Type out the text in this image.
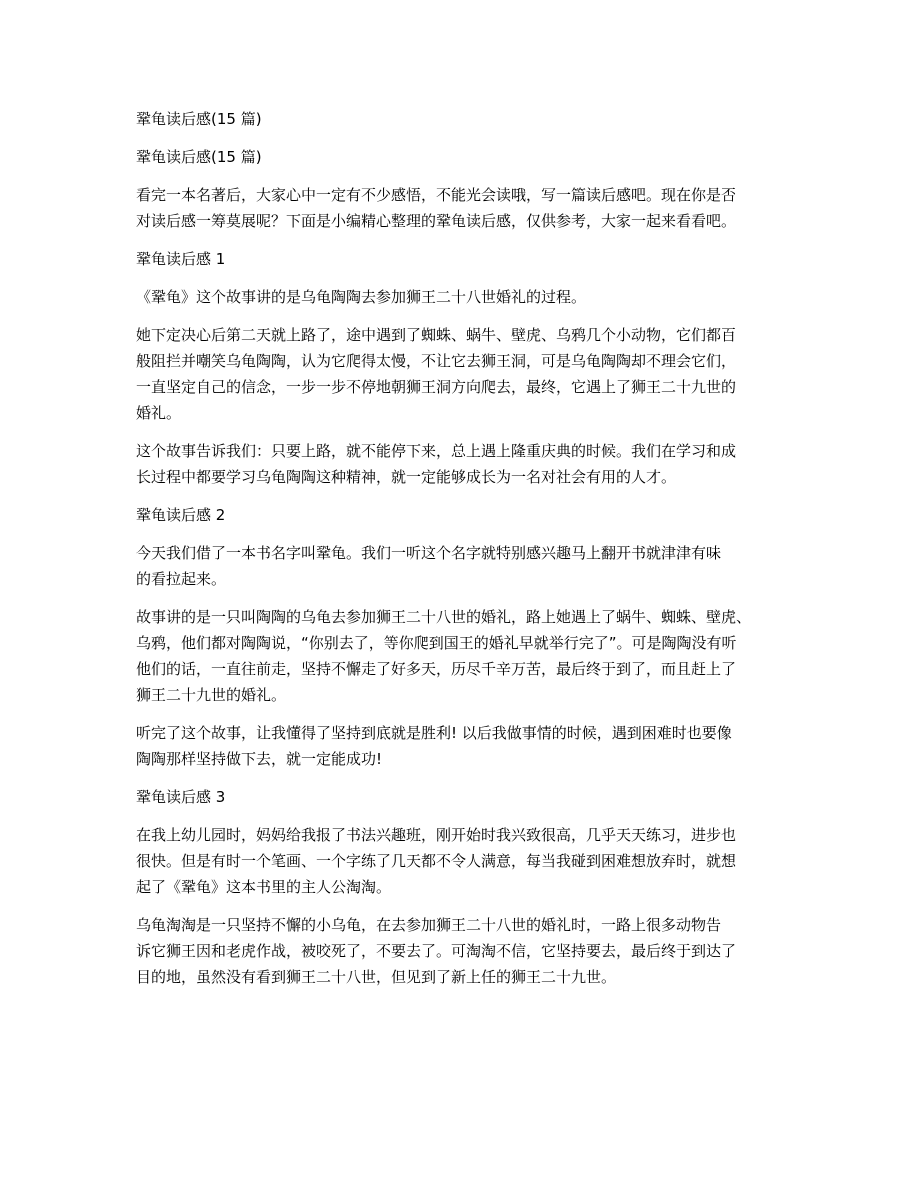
鞏龟读后感(15 篇)

鞏龟读后感(15 篇)

看完一本名著后，大家心中一定有不少感悟，不能光会读哦，写一篇读后感吧。现在你是否

对读后感一筹莫展呢？下面是小编精心整理的鞏龟读后感，仅供参考，大家一起来看看吧。

鞏龟读后感 1

《鞏龟》这个故事讲的是乌龟陶陶去参加狮王二十八世婚礼的过程。

她下定决心后第二天就上路了，途中遇到了蜘蛛、蜗牛、壁虎、乌鸦几个小动物，它们都百

般阻拦并嘲笑乌龟陶陶，认为它爬得太慢，不让它去狮王洞，可是乌龟陶陶却不理会它们，

一直坚定自己的信念，一步一步不停地朝狮王洞方向爬去，最终，它遇上了狮王二十九世的

婚礼。

这个故事告诉我们：只要上路，就不能停下来，总上遇上隆重庆典的时候。我们在学习和成

长过程中都要学习乌龟陶陶这种精神，就一定能够成长为一名对社会有用的人才。

鞏龟读后感 2

今天我们借了一本书名字叫鞏龟。我们一听这个名字就特别感兴趣马上翻开书就津津有味

的看拉起来。

故事讲的是一只叫陶陶的乌龟去参加狮王二十八世的婚礼，路上她遇上了蜗牛、蜘蛛、壁虎、

乌鸦，他们都对陶陶说，“你别去了，等你爬到国王的婚礼早就举行完了”。可是陶陶没有听

他们的话，一直往前走，坚持不懈走了好多天，历尽千辛万苦，最后终于到了，而且赶上了

狮王二十九世的婚礼。

听完了这个故事，让我懂得了坚持到底就是胜利! 以后我做事情的时候，遇到困难时也要像

陶陶那样坚持做下去，就一定能成功!

鞏龟读后感 3

在我上幼儿园时，妈妈给我报了书法兴趣班，刚开始时我兴致很高，几乎天天练习，进步也

很快。但是有时一个笔画、一个字练了几天都不令人满意，每当我碰到困难想放弃时，就想

起了《鞏龟》这本书里的主人公淘淘。

乌龟淘淘是一只坚持不懈的小乌龟，在去参加狮王二十八世的婚礼时，一路上很多动物告

诉它狮王因和老虎作战，被咬死了，不要去了。可淘淘不信，它坚持要去，最后终于到达了

目的地，虽然没有看到狮王二十八世，但见到了新上任的狮王二十九世。
